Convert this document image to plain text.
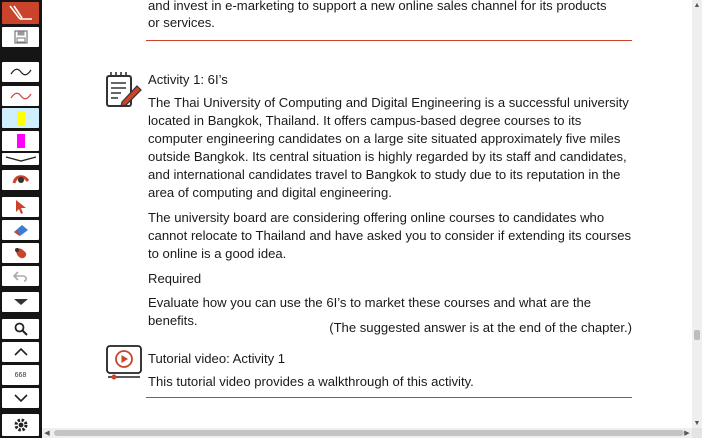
668

and invest in e-marketing to support a new online sales channel for its products

or services.

Activity 1: 6I’s

The Thai University of Computing and Digital Engineering is a successful university located in Bangkok, Thailand. It offers campus-based degree courses to its computer engineering candidates on a large site situated approximately five miles outside Bangkok. Its central situation is highly regarded by its staff and candidates, and international candidates travel to Bangkok to study due to its reputation in the area of computing and digital engineering.

The university board are considering offering online courses to candidates who cannot relocate to Thailand and have asked you to consider if extending its courses to online is a good idea.

Required

Evaluate how you can use the 6I’s to market these courses and what are the benefits.	(The suggested answer is at the end of the chapter.)

Tutorial video: Activity 1

This tutorial video provides a walkthrough of this activity.

▲
▼
◀	▶
